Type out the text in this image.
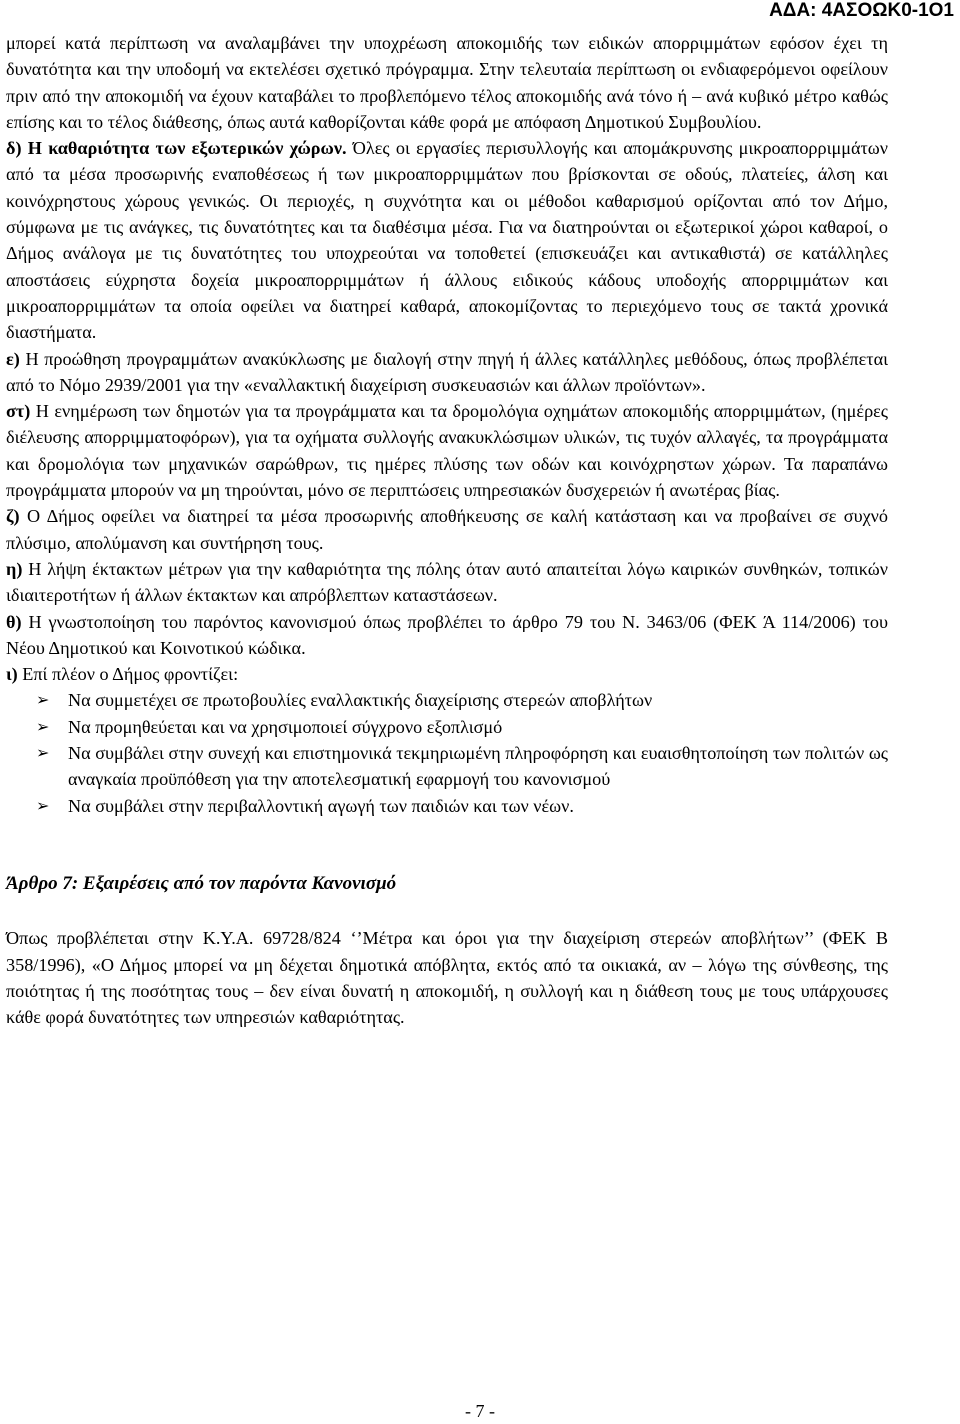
ΑΔΑ: 4ΑΣΟΩΚ0-1Ο1

μπορεί κατά περίπτωση να αναλαμβάνει την υποχρέωση αποκομιδής των ειδικών απορριμμάτων εφόσον έχει τη δυνατότητα και την υποδομή να εκτελέσει σχετικό πρόγραμμα. Στην τελευταία περίπτωση οι ενδιαφερόμενοι οφείλουν πριν από την αποκομιδή να έχουν καταβάλει το προβλεπόμενο τέλος αποκομιδής ανά τόνο ή – ανά κυβικό μέτρο καθώς επίσης και το τέλος διάθεσης, όπως αυτά καθορίζονται κάθε φορά με απόφαση Δημοτικού Συμβουλίου.

δ) Η καθαριότητα των εξωτερικών χώρων. Όλες οι εργασίες περισυλλογής και απομάκρυνσης μικροαπορριμμάτων από τα μέσα προσωρινής εναποθέσεως ή των μικροαπορριμμάτων που βρίσκονται σε οδούς, πλατείες, άλση και κοινόχρηστους χώρους γενικώς. Οι περιοχές, η συχνότητα και οι μέθοδοι καθαρισμού ορίζονται από τον Δήμο, σύμφωνα με τις ανάγκες, τις δυνατότητες και τα διαθέσιμα μέσα. Για να διατηρούνται οι εξωτερικοί χώροι καθαροί, ο Δήμος ανάλογα με τις δυνατότητες του υποχρεούται να τοποθετεί (επισκευάζει και αντικαθιστά) σε κατάλληλες αποστάσεις εύχρηστα δοχεία μικροαπορριμμάτων ή άλλους ειδικούς κάδους υποδοχής απορριμμάτων και μικροαπορριμμάτων τα οποία οφείλει να διατηρεί καθαρά, αποκομίζοντας το περιεχόμενο τους σε τακτά χρονικά διαστήματα.

ε) Η προώθηση προγραμμάτων ανακύκλωσης με διαλογή στην πηγή ή άλλες κατάλληλες μεθόδους, όπως προβλέπεται από το Νόμο 2939/2001 για την «εναλλακτική διαχείριση συσκευασιών και άλλων προϊόντων».

στ) Η ενημέρωση των δημοτών για τα προγράμματα και τα δρομολόγια οχημάτων αποκομιδής απορριμμάτων, (ημέρες διέλευσης απορριμματοφόρων), για τα οχήματα συλλογής ανακυκλώσιμων υλικών, τις τυχόν αλλαγές, τα προγράμματα και δρομολόγια των μηχανικών σαρώθρων, τις ημέρες πλύσης των οδών και κοινόχρηστων χώρων. Τα παραπάνω προγράμματα μπορούν να μη τηρούνται, μόνο σε περιπτώσεις υπηρεσιακών δυσχερειών ή ανωτέρας βίας.

ζ) Ο Δήμος οφείλει να διατηρεί τα μέσα προσωρινής αποθήκευσης σε καλή κατάσταση και να προβαίνει σε συχνό πλύσιμο, απολύμανση και συντήρηση τους.

η) Η λήψη έκτακτων μέτρων για την καθαριότητα της πόλης όταν αυτό απαιτείται λόγω καιρικών συνθηκών, τοπικών ιδιαιτεροτήτων ή άλλων έκτακτων και απρόβλεπτων καταστάσεων.

θ) Η γνωστοποίηση του παρόντος κανονισμού όπως προβλέπει το άρθρο 79 του Ν. 3463/06 (ΦΕΚ Ά 114/2006) του Νέου Δημοτικού και Κοινοτικού κώδικα.

ι) Επί πλέον ο Δήμος φροντίζει:

➢ Να συμμετέχει σε πρωτοβουλίες εναλλακτικής διαχείρισης στερεών αποβλήτων
➢ Να προμηθεύεται και να χρησιμοποιεί σύγχρονο εξοπλισμό
➢ Να συμβάλει στην συνεχή και επιστημονικά τεκμηριωμένη πληροφόρηση και ευαισθητοποίηση των πολιτών ως αναγκαία προϋπόθεση για την αποτελεσματική εφαρμογή του κανονισμού
➢ Να συμβάλει στην περιβαλλοντική αγωγή των παιδιών και των νέων.

Άρθρο 7: Εξαιρέσεις από τον παρόντα Κανονισμό

Όπως προβλέπεται στην Κ.Υ.Α. 69728/824 ‘’Μέτρα και όροι για την διαχείριση στερεών αποβλήτων’’ (ΦΕΚ Β 358/1996), «Ο Δήμος μπορεί να μη δέχεται δημοτικά απόβλητα, εκτός από τα οικιακά, αν – λόγω της σύνθεσης, της ποιότητας ή της ποσότητας τους – δεν είναι δυνατή η αποκομιδή, η συλλογή και η διάθεση τους με τους υπάρχουσες κάθε φορά δυνατότητες των υπηρεσιών καθαριότητας.

- 7 -
